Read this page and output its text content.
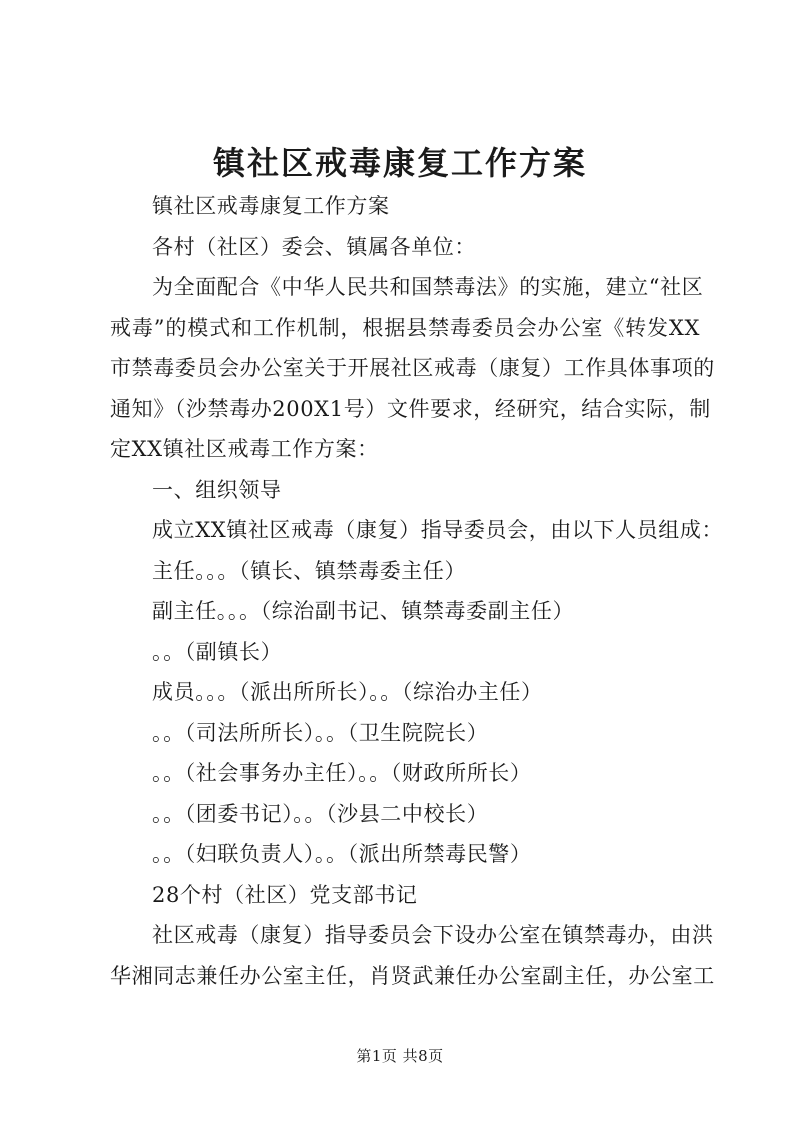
镇社区戒毒康复工作方案
镇社区戒毒康复工作方案
各村（社区）委会、镇属各单位：
为全面配合《中华人民共和国禁毒法》的实施，建立“社区
戒毒”的模式和工作机制，根据县禁毒委员会办公室《转发XX
市禁毒委员会办公室关于开展社区戒毒（康复）工作具体事项的
通知》（沙禁毒办200X1号）文件要求，经研究，结合实际，制
定XX镇社区戒毒工作方案：
一、组织领导
成立XX镇社区戒毒（康复）指导委员会，由以下人员组成：
主任。。。（镇长、镇禁毒委主任）
副主任。。。（综治副书记、镇禁毒委副主任）
。。（副镇长）
成员。。。（派出所所长）。。（综治办主任）
。。（司法所所长）。。（卫生院院长）
。。（社会事务办主任）。。（财政所所长）
。。（团委书记）。。（沙县二中校长）
。。（妇联负责人）。。（派出所禁毒民警）
28个村（社区）党支部书记
社区戒毒（康复）指导委员会下设办公室在镇禁毒办，由洪
华湘同志兼任办公室主任，肖贤武兼任办公室副主任，办公室工
第1页 共8页
